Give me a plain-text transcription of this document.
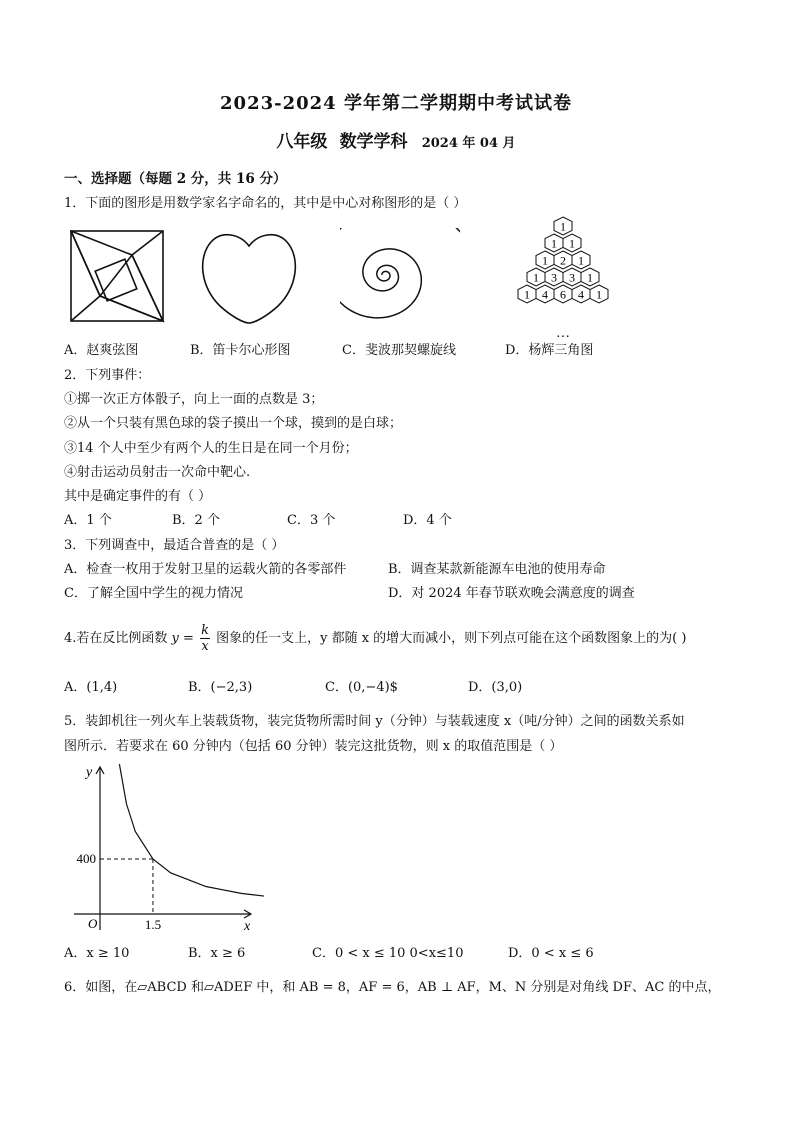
2023-2024 学年第二学期期中考试试卷
八年级 数学学科 2024 年 04 月
一、选择题（每题 2 分，共 16 分）
1．下面的图形是用数学家名字命名的，其中是中心对称图形的是（ ）
1
1 1
1 2 1
1 3 3 1
1 4 6 4 1
…
A．赵爽弦图	B．笛卡尔心形图	C．斐波那契螺旋线	D．杨辉三角图
2．下列事件：
①掷一次正方体骰子，向上一面的点数是 3；
②从一个只装有黑色球的袋子摸出一个球，摸到的是白球；
③14 个人中至少有两个人的生日是在同一个月份；
④射击运动员射击一次命中靶心.
其中是确定事件的有（ ）
A．1 个	B．2 个	C．3 个	D．4 个
3．下列调查中，最适合普查的是（ ）
A．检查一枚用于发射卫星的运载火箭的各零部件	B．调查某款新能源车电池的使用寿命
C．了解全国中学生的视力情况	D．对 2024 年春节联欢晚会满意度的调查
4.若在反比例函数 $y = \frac{k}{x}$ 图象的任一支上，y 都随 x 的增大而减小，则下列点可能在这个函数图象上的为( )
A．(1,4)	B．(−2,3)	C．(0,−4)$	D．(3,0)
5．装卸机往一列火车上装载货物，装完货物所需时间 y（分钟）与装载速度 x（吨/分钟）之间的函数关系如
图所示．若要求在 60 分钟内（包括 60 分钟）装完这批货物，则 x 的取值范围是（ ）
y
x
O
400
1.5
A．x ≥ 10	B．x ≥ 6	C．0 < x ≤ 10 0<x≤10	D．0 < x ≤ 6
6．如图，在▱ABCD 和▱ADEF 中，和 AB = 8，AF = 6，AB ⊥ AF，M、N 分别是对角线 DF、AC 的中点，
